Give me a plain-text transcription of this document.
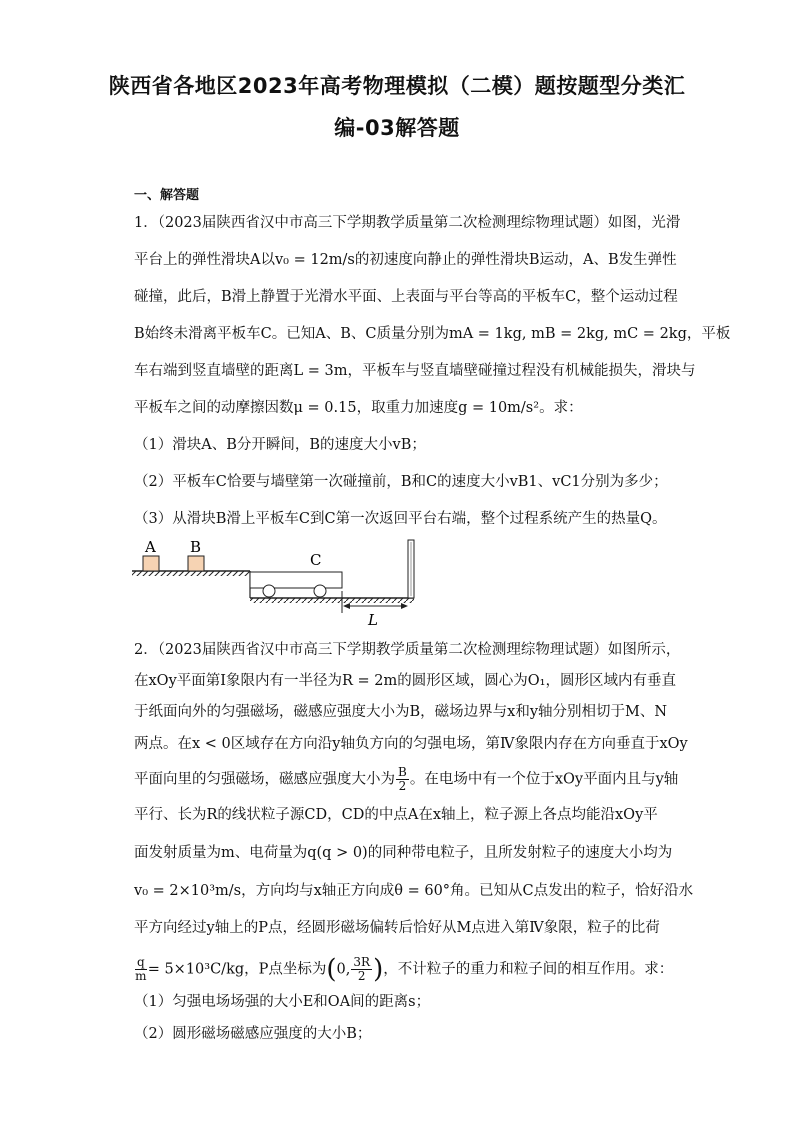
陕西省各地区2023年高考物理模拟（二模）题按题型分类汇
编-03解答题
一、解答题
1．（2023届陕西省汉中市高三下学期教学质量第二次检测理综物理试题）如图，光滑
平台上的弹性滑块A以v₀ = 12m/s的初速度向静止的弹性滑块B运动，A、B发生弹性
碰撞，此后，B滑上静置于光滑水平面、上表面与平台等高的平板车C，整个运动过程
B始终未滑离平板车C。已知A、B、C质量分别为mA = 1kg, mB = 2kg, mC = 2kg，平板
车右端到竖直墙壁的距离L = 3m，平板车与竖直墙壁碰撞过程没有机械能损失，滑块与
平板车之间的动摩擦因数μ = 0.15，取重力加速度g = 10m/s²。求：
（1）滑块A、B分开瞬间，B的速度大小vB；
（2）平板车C恰要与墙壁第一次碰撞前，B和C的速度大小vB1、vC1分别为多少；
（3）从滑块B滑上平板车C到C第一次返回平台右端，整个过程系统产生的热量Q。
A B
C
L
2．（2023届陕西省汉中市高三下学期教学质量第二次检测理综物理试题）如图所示，
在xOy平面第Ⅰ象限内有一半径为R = 2m的圆形区域，圆心为O₁，圆形区域内有垂直
于纸面向外的匀强磁场，磁感应强度大小为B，磁场边界与x和y轴分别相切于M、N
两点。在x < 0区域存在方向沿y轴负方向的匀强电场，第Ⅳ象限内存在方向垂直于xOy
平面向里的匀强磁场，磁感应强度大小为 $\frac{B}{2}$ 。在电场中有一个位于xOy平面内且与y轴
平行、长为R的线状粒子源CD，CD的中点A在x轴上，粒子源上各点均能沿xOy平
面发射质量为m、电荷量为q(q > 0)的同种带电粒子，且所发射粒子的速度大小均为
v₀ = 2×10³m/s，方向均与x轴正方向成θ = 60°角。已知从C点发出的粒子，恰好沿水
平方向经过y轴上的P点，经圆形磁场偏转后恰好从M点进入第Ⅳ象限，粒子的比荷
$\frac{q}{m} = 5\times 10^3C/kg$，P点坐标为(0, $\frac{3R}{2}$ )，不计粒子的重力和粒子间的相互作用。求：
（1）匀强电场场强的大小E和OA间的距离s；
（2）圆形磁场磁感应强度的大小B；
